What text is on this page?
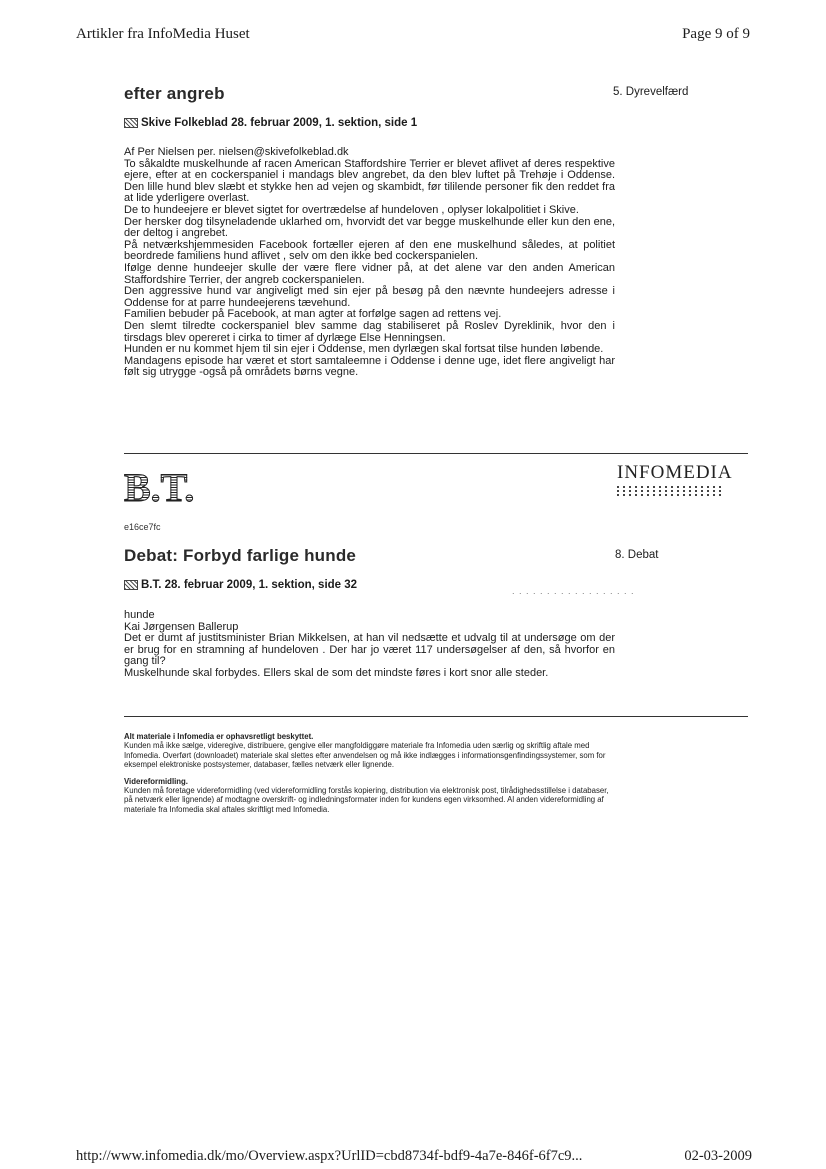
Artikler fra InfoMedia Huset	Page 9 of 9
efter angreb	5. Dyrevelfærd
Skive Folkeblad 28. februar 2009, 1. sektion, side 1

Af Per Nielsen per. nielsen@skivefolkeblad.dk

To såkaldte muskelhunde af racen American Staffordshire Terrier er blevet aflivet af deres respektive ejere, efter at en cockerspaniel i mandags blev angrebet, da den blev luftet på Trehøje i Oddense. Den lille hund blev slæbt et stykke hen ad vejen og skambidt, før tililende personer fik den reddet fra at lide yderligere overlast.

De to hundeejere er blevet sigtet for overtrædelse af hundeloven , oplyser lokalpolitiet i Skive.

Der hersker dog tilsyneladende uklarhed om, hvorvidt det var begge muskelhunde eller kun den ene, der deltog i angrebet.

På netværkshjemmesiden Facebook fortæller ejeren af den ene muskelhund således, at politiet beordrede familiens hund aflivet , selv om den ikke bed cockerspanielen.

Ifølge denne hundeejer skulle der være flere vidner på, at det alene var den anden American Staffordshire Terrier, der angreb cockerspanielen.

Den aggressive hund var angiveligt med sin ejer på besøg på den nævnte hundeejers adresse i Oddense for at parre hundeejerens tævehund.

Familien bebuder på Facebook, at man agter at forfølge sagen ad rettens vej.

Den slemt tilredte cockerspaniel blev samme dag stabiliseret på Roslev Dyreklinik, hvor den i tirsdags blev opereret i cirka to timer af dyrlæge Else Henningsen.

Hunden er nu kommet hjem til sin ejer i Oddense, men dyrlægen skal fortsat tilse hunden løbende.

Mandagens episode har været et stort samtaleemne i Oddense i denne uge, idet flere angiveligt har følt sig utrygge -også på områdets børns vegne.

B.T.	INFOMEDIA
e16ce7fc
Debat: Forbyd farlige hunde	8. Debat
B.T. 28. februar 2009, 1. sektion, side 32	. . . . . . . . . . . . . . . . . .

hunde

Kai Jørgensen Ballerup

Det er dumt af justitsminister Brian Mikkelsen, at han vil nedsætte et udvalg til at undersøge om der er brug for en stramning af hundeloven . Der har jo været 117 undersøgelser af den, så hvorfor en gang til?

Muskelhunde skal forbydes. Ellers skal de som det mindste føres i kort snor alle steder.

Alt materiale i Infomedia er ophavsretligt beskyttet.

Kunden må ikke sælge, videregive, distribuere, gengive eller mangfoldiggøre materiale fra Infomedia uden særlig og skriftlig aftale med Infomedia. Overført (downloadet) materiale skal slettes efter anvendelsen og må ikke indlægges i informationsgenfindingssystemer, som for eksempel elektroniske postsystemer, databaser, fælles netværk eller lignende.

Videreformidling.

Kunden må foretage videreformidling (ved videreformidling forstås kopiering, distribution via elektronisk post, tilrådighedsstillelse i databaser, på netværk eller lignende) af modtagne overskrift- og indledningsformater inden for kundens egen virksomhed. Al anden videreformidling af materiale fra Infomedia skal aftales skriftligt med Infomedia.

http://www.infomedia.dk/mo/Overview.aspx?UrlID=cbd8734f-bdf9-4a7e-846f-6f7c9...	02-03-2009
